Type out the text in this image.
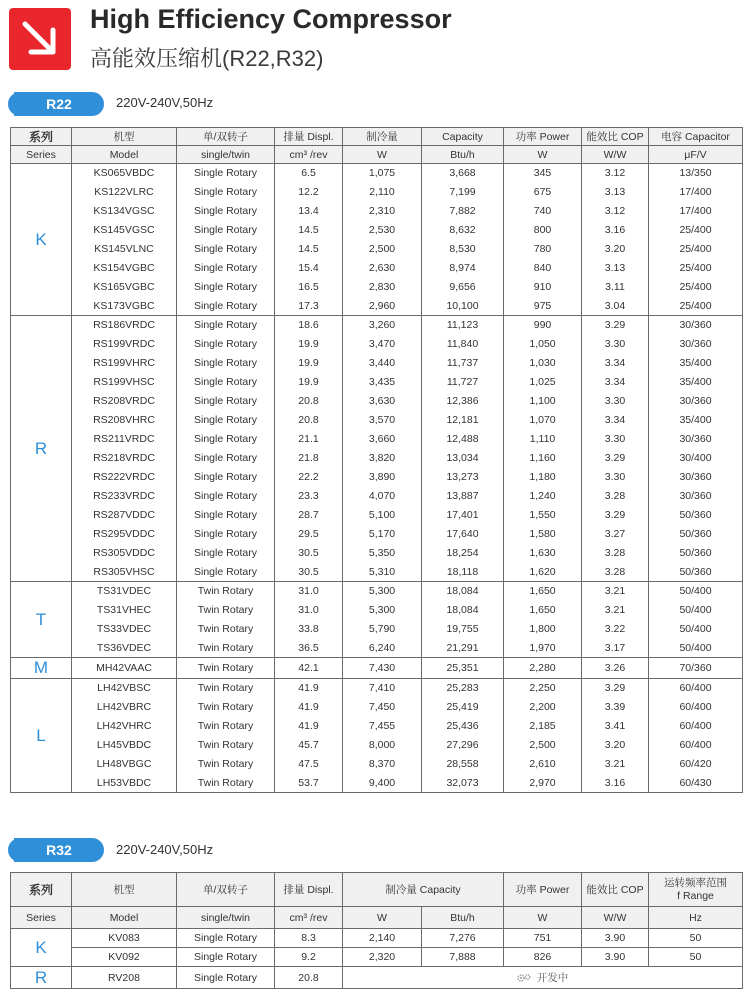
High Efficiency Compressor
高能效压缩机(R22,R32)
R22	220V-240V,50Hz
系列	机型	单/双转子	排量 Displ.	制冷量	Capacity	功率 Power	能效比 COP	电容 Capacitor
Series	Model	single/twin	cm³ /rev	W	Btu/h	W	W/W	μF/V
K	KS065VBDC	Single Rotary	6.5	1,075	3,668	345	3.12	13/350
	KS122VLRC	Single Rotary	12.2	2,110	7,199	675	3.13	17/400
	KS134VGSC	Single Rotary	13.4	2,310	7,882	740	3.12	17/400
	KS145VGSC	Single Rotary	14.5	2,530	8,632	800	3.16	25/400
	KS145VLNC	Single Rotary	14.5	2,500	8,530	780	3.20	25/400
	KS154VGBC	Single Rotary	15.4	2,630	8,974	840	3.13	25/400
	KS165VGBC	Single Rotary	16.5	2,830	9,656	910	3.11	25/400
	KS173VGBC	Single Rotary	17.3	2,960	10,100	975	3.04	25/400
R	RS186VRDC	Single Rotary	18.6	3,260	11,123	990	3.29	30/360
	RS199VRDC	Single Rotary	19.9	3,470	11,840	1,050	3.30	30/360
	RS199VHRC	Single Rotary	19.9	3,440	11,737	1,030	3.34	35/400
	RS199VHSC	Single Rotary	19.9	3,435	11,727	1,025	3.34	35/400
	RS208VRDC	Single Rotary	20.8	3,630	12,386	1,100	3.30	30/360
	RS208VHRC	Single Rotary	20.8	3,570	12,181	1,070	3.34	35/400
	RS211VRDC	Single Rotary	21.1	3,660	12,488	1,110	3.30	30/360
	RS218VRDC	Single Rotary	21.8	3,820	13,034	1,160	3.29	30/400
	RS222VRDC	Single Rotary	22.2	3,890	13,273	1,180	3.30	30/360
	RS233VRDC	Single Rotary	23.3	4,070	13,887	1,240	3.28	30/360
	RS287VDDC	Single Rotary	28.7	5,100	17,401	1,550	3.29	50/360
	RS295VDDC	Single Rotary	29.5	5,170	17,640	1,580	3.27	50/360
	RS305VDDC	Single Rotary	30.5	5,350	18,254	1,630	3.28	50/360
	RS305VHSC	Single Rotary	30.5	5,310	18,118	1,620	3.28	50/360
T	TS31VDEC	Twin Rotary	31.0	5,300	18,084	1,650	3.21	50/400
	TS31VHEC	Twin Rotary	31.0	5,300	18,084	1,650	3.21	50/400
	TS33VDEC	Twin Rotary	33.8	5,790	19,755	1,800	3.22	50/400
	TS36VDEC	Twin Rotary	36.5	6,240	21,291	1,970	3.17	50/400
M	MH42VAAC	Twin Rotary	42.1	7,430	25,351	2,280	3.26	70/360
L	LH42VBSC	Twin Rotary	41.9	7,410	25,283	2,250	3.29	60/400
	LH42VBRC	Twin Rotary	41.9	7,450	25,419	2,200	3.39	60/400
	LH42VHRC	Twin Rotary	41.9	7,455	25,436	2,185	3.41	60/400
	LH45VBDC	Twin Rotary	45.7	8,000	27,296	2,500	3.20	60/400
	LH48VBGC	Twin Rotary	47.5	8,370	28,558	2,610	3.21	60/420
	LH53VBDC	Twin Rotary	53.7	9,400	32,073	2,970	3.16	60/430
R32	220V-240V,50Hz
系列	机型	单/双转子	排量 Displ.	制冷量 Capacity		功率 Power	能效比 COP	运转频率范围
f Range

Series	Model	single/twin	cm³ /rev	W	Btu/h	W	W/W	Hz
K	KV083	Single Rotary	8.3	2,140	7,276	751	3.90	50
	KV092	Single Rotary	9.2	2,320	7,888	826	3.90	50
R	RV208	Single Rotary	20.8	开发中				
